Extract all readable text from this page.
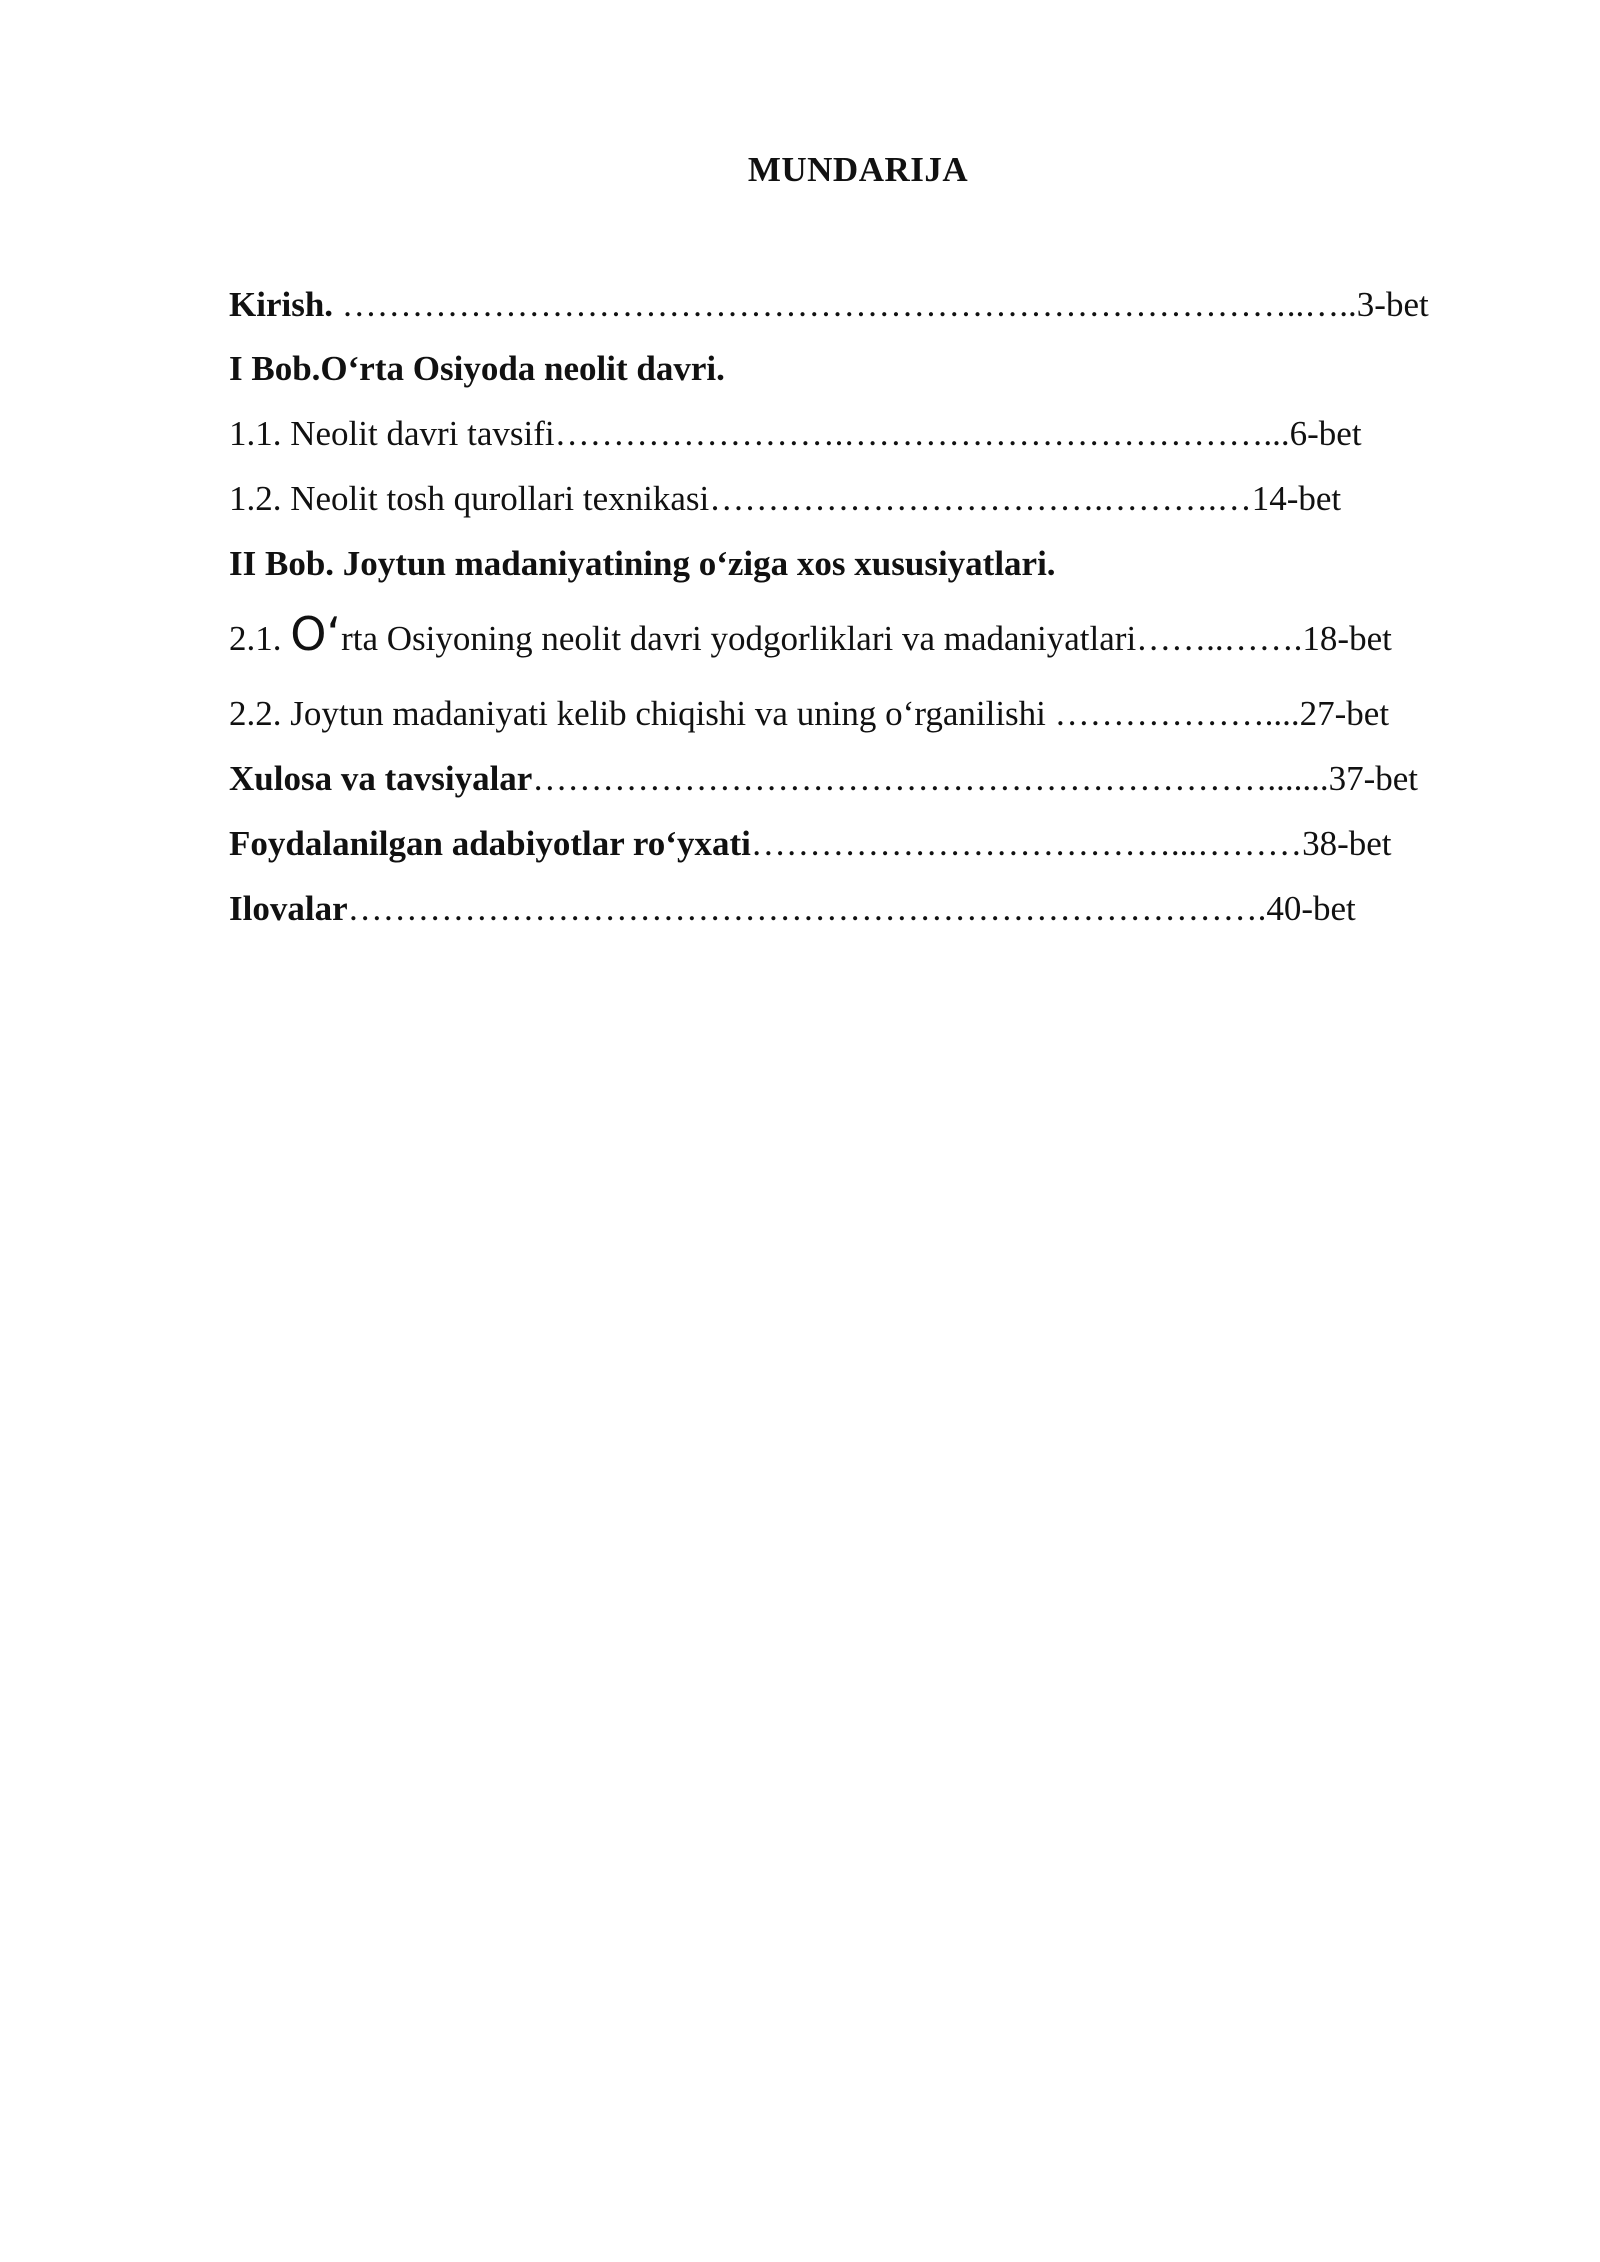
MUNDARIJA
Kirish. ………………………………………………………………………..…..3-bet
I Bob.O‘rta Osiyoda neolit davri.
1.1. Neolit davri tavsifi…………………….………………………………...6-bet
1.2. Neolit tosh qurollari texnikasi…………………………….……….…14-bet
II Bob. Joytun madaniyatining o‘ziga xos xususiyatlari.
2.1. O‘rta Osiyoning neolit davri yodgorliklari va madaniyatlari……..…….18-bet
2.2. Joytun madaniyati kelib chiqishi va uning o‘rganilishi ………………....27-bet
Xulosa va tavsiyalar……………………………………………………….......37-bet
Foydalanilgan adabiyotlar ro‘yxati………………………………...………38-bet
Ilovalar…………………………………………………………………….40-bet
